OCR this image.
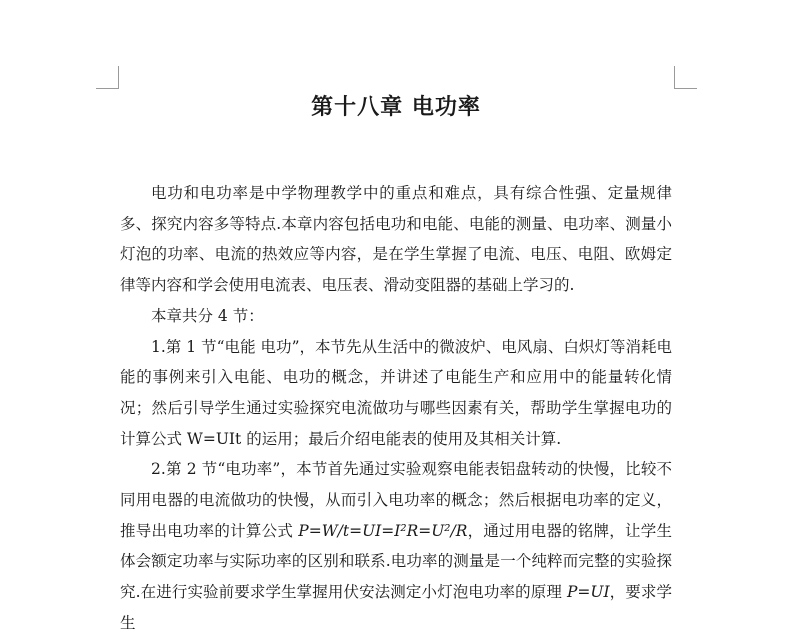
第十八章 电功率

电功和电功率是中学物理教学中的重点和难点，具有综合性强、定量规律多、探究内容多等特点.本章内容包括电功和电能、电能的测量、电功率、测量小灯泡的功率、电流的热效应等内容，是在学生掌握了电流、电压、电阻、欧姆定律等内容和学会使用电流表、电压表、滑动变阻器的基础上学习的.

本章共分 4 节：

1.第 1 节“电能 电功”，本节先从生活中的微波炉、电风扇、白炽灯等消耗电能的事例来引入电能、电功的概念，并讲述了电能生产和应用中的能量转化情况；然后引导学生通过实验探究电流做功与哪些因素有关，帮助学生掌握电功的计算公式 W=UIt 的运用；最后介绍电能表的使用及其相关计算.

2.第 2 节“电功率”，本节首先通过实验观察电能表铝盘转动的快慢，比较不同用电器的电流做功的快慢，从而引入电功率的概念；然后根据电功率的定义，推导出电功率的计算公式 P=W/t=UI=I²R=U²/R，通过用电器的铭牌，让学生体会额定功率与实际功率的区别和联系.电功率的测量是一个纯粹而完整的实验探究.在进行实验前要求学生掌握用伏安法测定小灯泡电功率的原理 P=UI，要求学生
